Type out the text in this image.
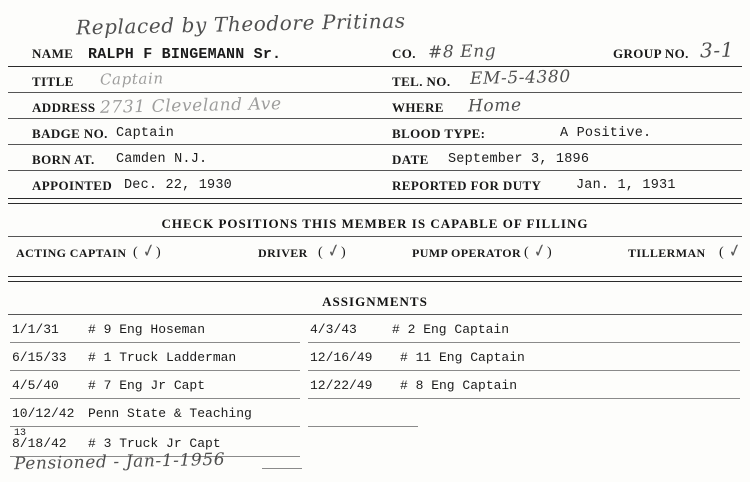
Replaced by Theodore Pritinas
NAME RALPH F BINGEMANN Sr.	CO. #8 Eng	GROUP NO. 3-1
TITLE Captain	TEL. NO. EM-5-4380
ADDRESS 2731 Cleveland Ave	WHERE Home
BADGE NO. Captain	BLOOD TYPE:	A Positive.
BORN AT. Camden N.J.	DATE September 3, 1896
APPOINTED Dec. 22, 1930	REPORTED FOR DUTY	Jan. 1, 1931
CHECK POSITIONS THIS MEMBER IS CAPABLE OF FILLING
ACTING CAPTAIN ( ✓ )	DRIVER ( ✓ )	PUMP OPERATOR ( ✓ )	TILLERMAN ( ✓
ASSIGNMENTS
1/1/31 # 9 Eng Hoseman	4/3/43	# 2 Eng Captain
6/15/33 # 1 Truck Ladderman	12/16/49 # 11 Eng Captain
4/5/40 # 7 Eng Jr Capt	12/22/49 # 8 Eng Captain
10/12/42 Penn State & Teaching
13
8/18/42 # 3 Truck Jr Capt
Pensioned - Jan-1-1956
